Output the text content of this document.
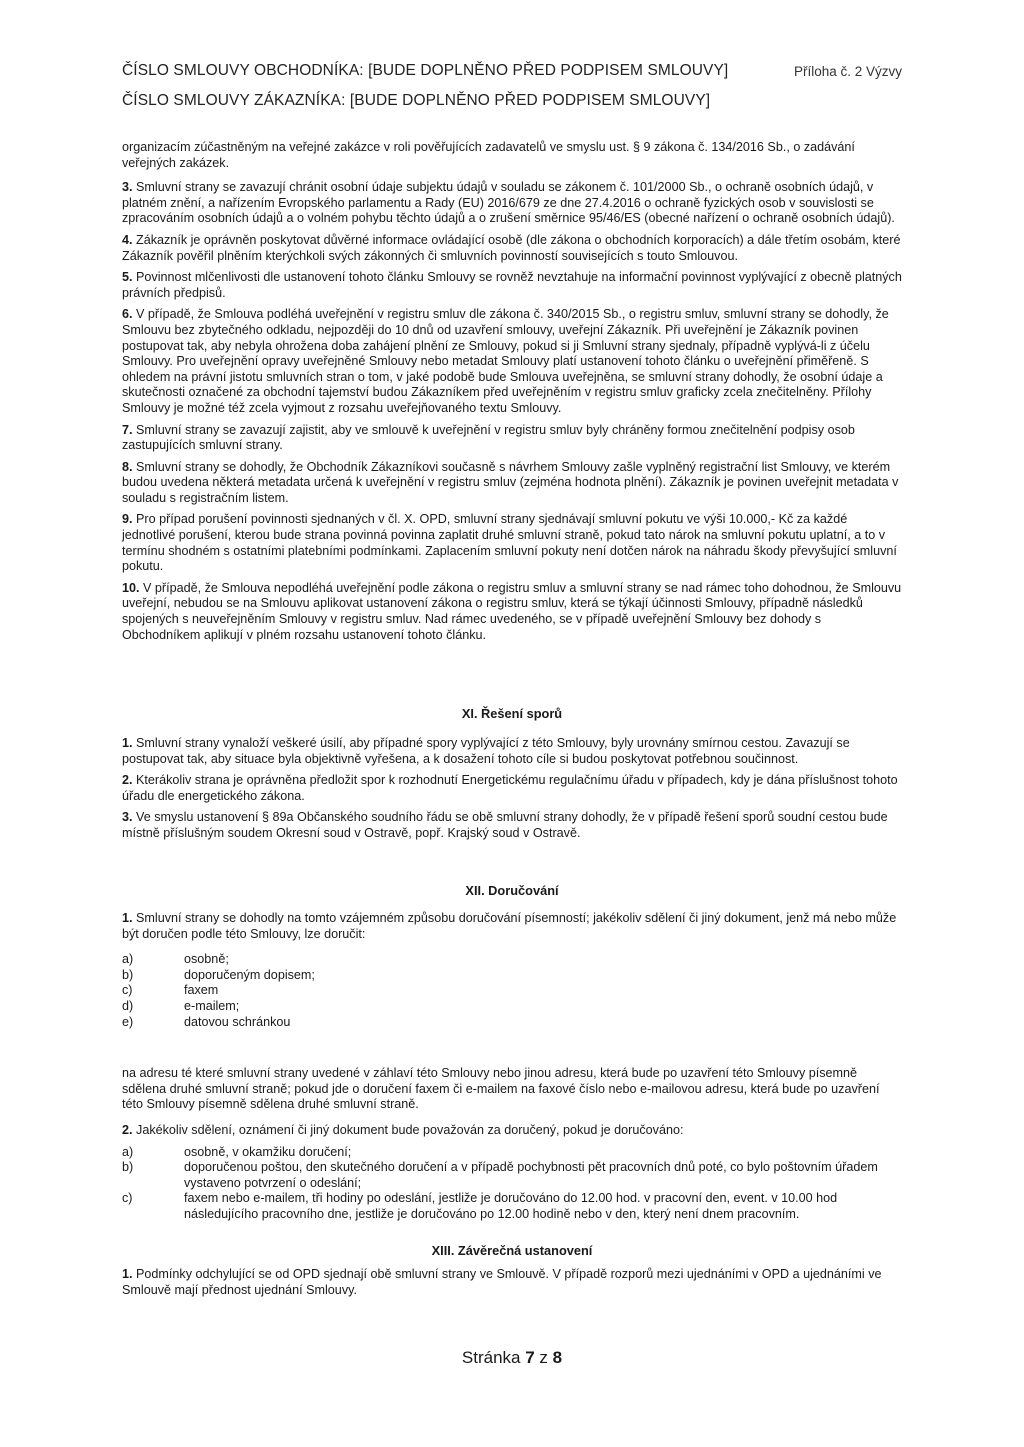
ČÍSLO SMLOUVY OBCHODNÍKA: [BUDE DOPLNĚNO PŘED PODPISEM SMLOUVY]
ČÍSLO SMLOUVY ZÁKAZNÍKA: [BUDE DOPLNĚNO PŘED PODPISEM SMLOUVY]
Příloha č. 2 Výzvy

organizacím zúčastněným na veřejné zakázce v roli pověřujících zadavatelů ve smyslu ust. § 9 zákona č. 134/2016 Sb., o zadávání veřejných zakázek.

3. Smluvní strany se zavazují chránit osobní údaje subjektu údajů v souladu se zákonem č. 101/2000 Sb., o ochraně osobních údajů, v platném znění, a nařízením Evropského parlamentu a Rady (EU) 2016/679 ze dne 27.4.2016 o ochraně fyzických osob v souvislosti se zpracováním osobních údajů a o volném pohybu těchto údajů a o zrušení směrnice 95/46/ES (obecné nařízení o ochraně osobních údajů).

4. Zákazník je oprávněn poskytovat důvěrné informace ovládající osobě (dle zákona o obchodních korporacích) a dále třetím osobám, které Zákazník pověřil plněním kterýchkoli svých zákonných či smluvních povinností souvisejících s touto Smlouvou.

5. Povinnost mlčenlivosti dle ustanovení tohoto článku Smlouvy se rovněž nevztahuje na informační povinnost vyplývající z obecně platných právních předpisů.

6. V případě, že Smlouva podléhá uveřejnění v registru smluv dle zákona č. 340/2015 Sb., o registru smluv, smluvní strany se dohodly, že Smlouvu bez zbytečného odkladu, nejpozději do 10 dnů od uzavření smlouvy, uveřejní Zákazník. Při uveřejnění je Zákazník povinen postupovat tak, aby nebyla ohrožena doba zahájení plnění ze Smlouvy, pokud si ji Smluvní strany sjednaly, případně vyplývá-li z účelu Smlouvy. Pro uveřejnění opravy uveřejněné Smlouvy nebo metadat Smlouvy platí ustanovení tohoto článku o uveřejnění přiměřeně. S ohledem na právní jistotu smluvních stran o tom, v jaké podobě bude Smlouva uveřejněna, se smluvní strany dohodly, že osobní údaje a skutečnosti označené za obchodní tajemství budou Zákazníkem před uveřejněním v registru smluv graficky zcela znečitelněny. Přílohy Smlouvy je možné též zcela vyjmout z rozsahu uveřejňovaného textu Smlouvy.

7. Smluvní strany se zavazují zajistit, aby ve smlouvě k uveřejnění v registru smluv byly chráněny formou znečitelnění podpisy osob zastupujících smluvní strany.

8. Smluvní strany se dohodly, že Obchodník Zákazníkovi současně s návrhem Smlouvy zašle vyplněný registrační list Smlouvy, ve kterém budou uvedena některá metadata určená k uveřejnění v registru smluv (zejména hodnota plnění). Zákazník je povinen uveřejnit metadata v souladu s registračním listem.

9. Pro případ porušení povinnosti sjednaných v čl. X. OPD, smluvní strany sjednávají smluvní pokutu ve výši 10.000,- Kč za každé jednotlivé porušení, kterou bude strana povinná povinna zaplatit druhé smluvní straně, pokud tato nárok na smluvní pokutu uplatní, a to v termínu shodném s ostatními platebními podmínkami. Zaplacením smluvní pokuty není dotčen nárok na náhradu škody převyšující smluvní pokutu.

10. V případě, že Smlouva nepodléhá uveřejnění podle zákona o registru smluv a smluvní strany se nad rámec toho dohodnou, že Smlouvu uveřejní, nebudou se na Smlouvu aplikovat ustanovení zákona o registru smluv, která se týkají účinnosti Smlouvy, případně následků spojených s neuveřejněním Smlouvy v registru smluv. Nad rámec uvedeného, se v případě uveřejnění Smlouvy bez dohody s Obchodníkem aplikují v plném rozsahu ustanovení tohoto článku.

XI. Řešení sporů

1. Smluvní strany vynaloží veškeré úsilí, aby případné spory vyplývající z této Smlouvy, byly urovnány smírnou cestou. Zavazují se postupovat tak, aby situace byla objektivně vyřešena, a k dosažení tohoto cíle si budou poskytovat potřebnou součinnost.

2. Kterákoliv strana je oprávněna předložit spor k rozhodnutí Energetickému regulačnímu úřadu v případech, kdy je dána příslušnost tohoto úřadu dle energetického zákona.

3. Ve smyslu ustanovení § 89a Občanského soudního řádu se obě smluvní strany dohodly, že v případě řešení sporů soudní cestou bude místně příslušným soudem Okresní soud v Ostravě, popř. Krajský soud v Ostravě.

XII. Doručování

1. Smluvní strany se dohodly na tomto vzájemném způsobu doručování písemností; jakékoliv sdělení či jiný dokument, jenž má nebo může být doručen podle této Smlouvy, lze doručit:

a)	osobně;
b)	doporučeným dopisem;
c)	faxem
d)	e-mailem;
e)	datovou schránkou

na adresu té které smluvní strany uvedené v záhlaví této Smlouvy nebo jinou adresu, která bude po uzavření této Smlouvy písemně sdělena druhé smluvní straně; pokud jde o doručení faxem či e-mailem na faxové číslo nebo e-mailovou adresu, která bude po uzavření této Smlouvy písemně sdělena druhé smluvní straně.

2. Jakékoliv sdělení, oznámení či jiný dokument bude považován za doručený, pokud je doručováno:

a)	osobně, v okamžiku doručení;
b)	doporučenou poštou, den skutečného doručení a v případě pochybnosti pět pracovních dnů poté, co bylo poštovním úřadem vystaveno potvrzení o odeslání;
c)	faxem nebo e-mailem, tři hodiny po odeslání, jestliže je doručováno do 12.00 hod. v pracovní den, event. v 10.00 hod následujícího pracovního dne, jestliže je doručováno po 12.00 hodině nebo v den, který není dnem pracovním.
XIII. Závěrečná ustanovení

1. Podmínky odchylující se od OPD sjednají obě smluvní strany ve Smlouvě. V případě rozporů mezi ujednáními v OPD a ujednáními ve Smlouvě mají přednost ujednání Smlouvy.

Stránka 7 z 8
